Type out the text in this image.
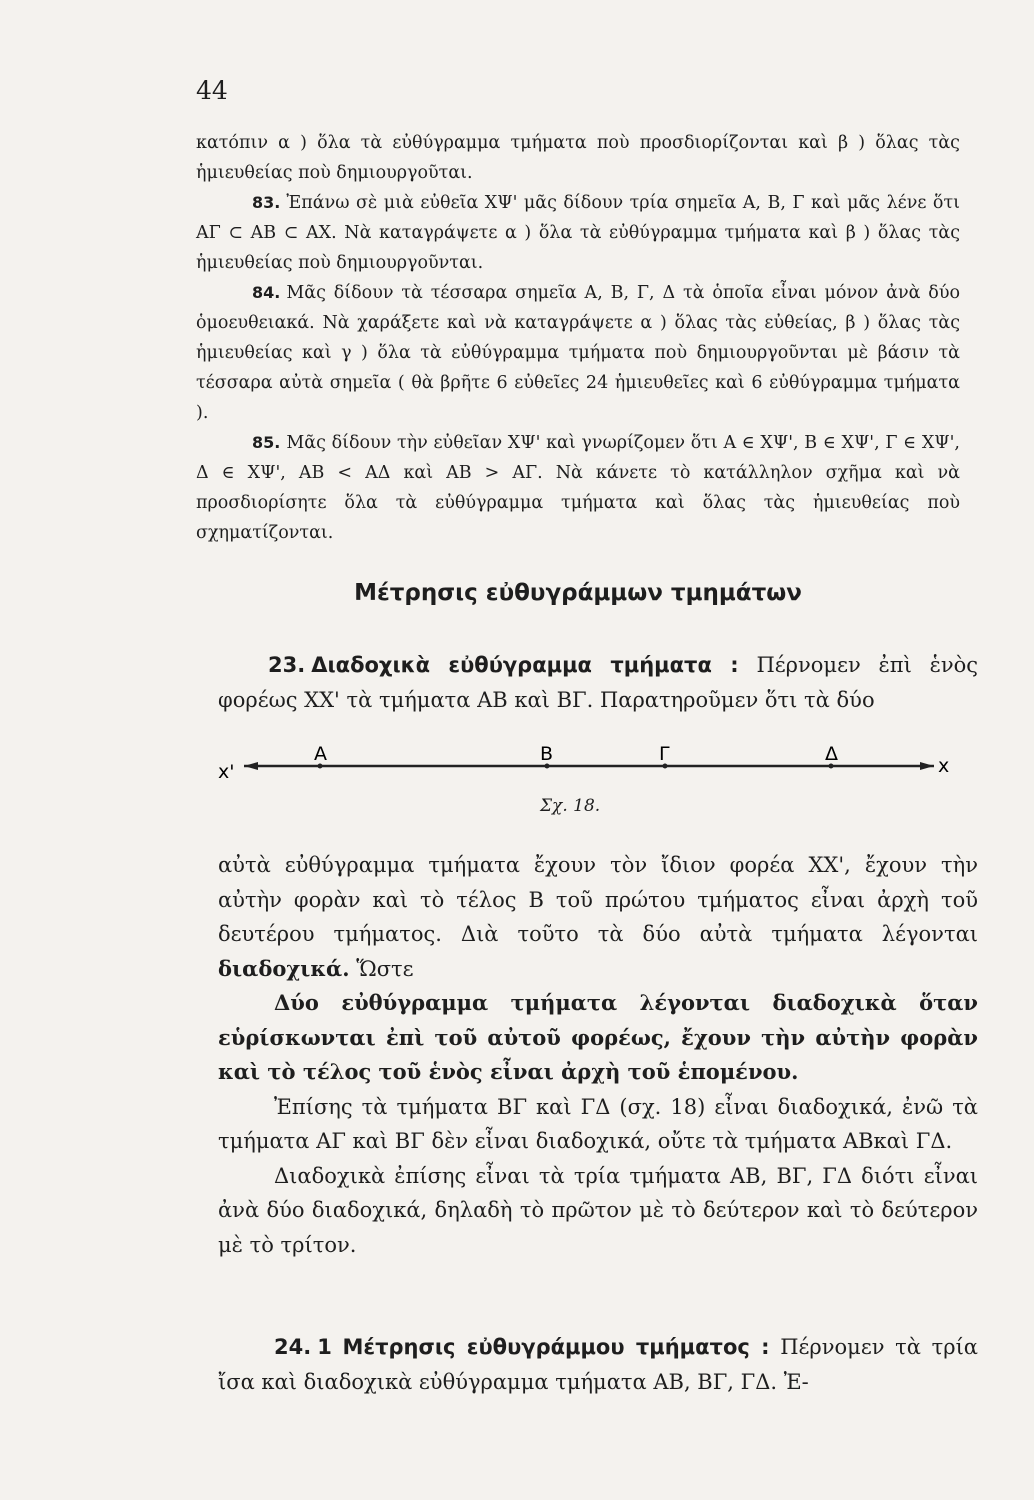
44

κατόπιν α ) ὅλα τὰ εὐθύγραμμα τμήματα ποὺ προσδιορίζονται καὶ β ) ὅλας τὰς ἡμιευθείας ποὺ δημιουργοῦται.

83. Ἐπάνω σὲ μιὰ εὐθεῖα ΧΨ' μᾶς δίδουν τρία σημεῖα Α, Β, Γ καὶ μᾶς λένε ὅτι ΑΓ ⊂ ΑΒ ⊂ ΑΧ. Νὰ καταγράψετε α ) ὅλα τὰ εὐθύγραμμα τμήματα καὶ β ) ὅλας τὰς ἡμιευθείας ποὺ δημιουργοῦνται.

84. Μᾶς δίδουν τὰ τέσσαρα σημεῖα Α, Β, Γ, Δ τὰ ὁποῖα εἶναι μόνον ἀνὰ δύο ὁμοευθειακά. Νὰ χαράξετε καὶ νὰ καταγράψετε α ) ὅλας τὰς εὐθείας, β ) ὅλας τὰς ἡμιευθείας καὶ γ ) ὅλα τὰ εὐθύγραμμα τμήματα ποὺ δημιουργοῦνται μὲ βάσιν τὰ τέσσαρα αὐτὰ σημεῖα ( θὰ βρῆτε 6 εὐθεῖες 24 ἡμιευθεῖες καὶ 6 εὐθύγραμμα τμήματα ).

85. Μᾶς δίδουν τὴν εὐθεῖαν ΧΨ' καὶ γνωρίζομεν ὅτι Α ∈ ΧΨ', Β ∈ ΧΨ', Γ ∈ ΧΨ', Δ ∈ ΧΨ', ΑΒ < ΑΔ καὶ ΑΒ > ΑΓ. Νὰ κάνετε τὸ κατάλληλον σχῆμα καὶ νὰ προσδιορίσητε ὅλα τὰ εὐθύγραμμα τμήματα καὶ ὅλας τὰς ἡμιευθείας ποὺ σχηματίζονται.

Μέτρησις εὐθυγράμμων τμημάτων

23. Διαδοχικὰ εὐθύγραμμα τμήματα : Πέρνομεν ἐπὶ ἑνὸς φορέως ΧΧ' τὰ τμήματα ΑΒ καὶ ΒΓ. Παρατηροῦμεν ὅτι τὰ δύο

x'	x
A	B	Γ	Δ
Σχ. 18.

αὐτὰ εὐθύγραμμα τμήματα ἔχουν τὸν ἴδιον φορέα ΧΧ', ἔχουν τὴν αὐτὴν φορὰν καὶ τὸ τέλος Β τοῦ πρώτου τμήματος εἶναι ἀρχὴ τοῦ δευτέρου τμήματος. Διὰ τοῦτο τὰ δύο αὐτὰ τμήματα λέγονται διαδοχικά. Ὥστε

Δύο εὐθύγραμμα τμήματα λέγονται διαδοχικὰ ὅταν εὑρίσκωνται ἐπὶ τοῦ αὐτοῦ φορέως, ἔχουν τὴν αὐτὴν φορὰν καὶ τὸ τέλος τοῦ ἑνὸς εἶναι ἀρχὴ τοῦ ἑπομένου.

Ἐπίσης τὰ τμήματα ΒΓ καὶ ΓΔ (σχ. 18) εἶναι διαδοχικά, ἐνῶ τὰ τμήματα ΑΓ καὶ ΒΓ δὲν εἶναι διαδοχικά, οὔτε τὰ τμήματα ΑΒκαὶ ΓΔ.

Διαδοχικὰ ἐπίσης εἶναι τὰ τρία τμήματα ΑΒ, ΒΓ, ΓΔ διότι εἶναι ἀνὰ δύο διαδοχικά, δηλαδὴ τὸ πρῶτον μὲ τὸ δεύτερον καὶ τὸ δεύτερον μὲ τὸ τρίτον.

24. 1 Μέτρησις εὐθυγράμμου τμήματος : Πέρνομεν τὰ τρία ἴσα καὶ διαδοχικὰ εὐθύγραμμα τμήματα ΑΒ, ΒΓ, ΓΔ. Ἐ-
